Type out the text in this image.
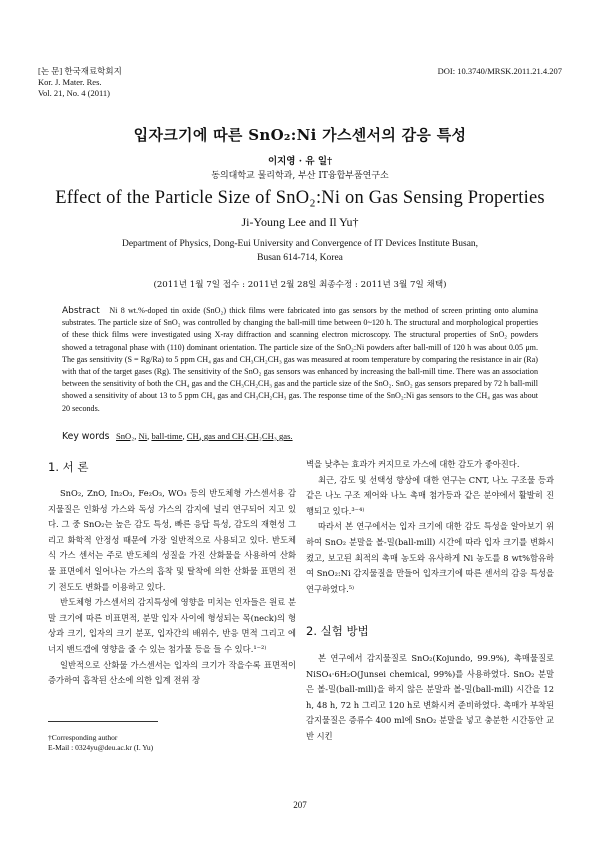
[논 문] 한국재료학회지
Kor. J. Mater. Res.
Vol. 21, No. 4 (2011)
DOI: 10.3740/MRSK.2011.21.4.207
입자크기에 따른 SnO₂:Ni 가스센서의 감응 특성
이지영 · 유 일†
동의대학교 물리학과, 부산 IT융합부품연구소
Effect of the Particle Size of SnO₂:Ni on Gas Sensing Properties
Ji-Young Lee and Il Yu†
Department of Physics, Dong-Eui University and Convergence of IT Devices Institute Busan,
Busan 614-714, Korea
(2011년 1월 7일 접수 : 2011년 2월 28일 최종수정 : 2011년 3월 7일 채택)
Abstract Ni 8 wt.%-doped tin oxide (SnO₂) thick films were fabricated into gas sensors by the method of screen printing onto alumina substrates. The particle size of SnO₂ was controlled by changing the ball-mill time between 0~120 h. The structural and morphological properties of these thick films were investigated using X-ray diffraction and scanning electron microscopy. The structural properties of SnO₂ powders showed a tetragonal phase with (110) dominant orientation. The particle size of the SnO₂:Ni powders after ball-mill of 120 h was about 0.05 μm. The gas sensitivity (S = Rg/Ra) to 5 ppm CH₄ gas and CH₃CH₂CH₃ gas was measured at room temperature by comparing the resistance in air (Ra) with that of the target gases (Rg). The sensitivity of the SnO₂ gas sensors was enhanced by increasing the ball-mill time. There was an association between the sensitivity of both the CH₄ gas and the CH₃CH₂CH₃ gas and the particle size of the SnO₂. SnO₂ gas sensors prepared by 72 h ball-mill showed a sensitivity of about 13 to 5 ppm CH₄ gas and CH₃CH₂CH₃ gas. The response time of the SnO₂:Ni gas sensors to the CH₄ gas was about 20 seconds.
Key words SnO₂, Ni, ball-time, CH₄ gas and CH₃CH₂CH₃ gas.
1. 서 론

SnO₂, ZnO, In₂O₃, Fe₂O₃, WO₃ 등의 반도체형 가스센서용 감지물질은 인화성 가스와 독성 가스의 감지에 널리 연구되어 지고 있다. 그 중 SnO₂는 높은 감도 특성, 빠른 응답 특성, 감도의 재현성 그리고 화학적 안정성 때문에 가장 일반적으로 사용되고 있다. 반도체식 가스 센서는 주로 반도체의 성질을 가진 산화물을 사용하여 산화물 표면에서 일어나는 가스의 흡착 및 탈착에 의한 산화물 표면의 전기 전도도 변화를 이용하고 있다.

반도체형 가스센서의 감지특성에 영향을 미치는 인자들은 원료 분말 크기에 따른 비표면적, 분말 입자 사이에 형성되는 목(neck)의 형상과 크기, 입자의 크기 분포, 입자간의 배위수, 반응 면적 그리고 에너지 밴드갭에 영향을 줄 수 있는 첨가물 등을 들 수 있다.¹⁻²⁾

일반적으로 산화물 가스센서는 입자의 크기가 작을수록 표면적이 증가하여 흡착된 산소에 의한 입계 전위 장

†Corresponding author
E-Mail : 0324yu@deu.ac.kr (I. Yu)

벽을 낮추는 효과가 커지므로 가스에 대한 감도가 좋아진다.

최근, 감도 및 선택성 향상에 대한 연구는 CNT, 나노 구조물 등과 같은 나노 구조 제어와 나노 촉매 첨가등과 같은 분야에서 활발히 진행되고 있다.³⁻⁴⁾

따라서 본 연구에서는 입자 크기에 대한 감도 특성을 알아보기 위하여 SnO₂ 분말을 볼-밀(ball-mill) 시간에 따라 입자 크기를 변화시켰고, 보고된 최적의 촉매 농도와 유사하게 Ni 농도를 8 wt%함유하여 SnO₂:Ni 감지물질을 만들어 입자크기에 따른 센서의 감응 특성을 연구하였다.⁵⁾

2. 실험 방법

본 연구에서 감지물질로 SnO₂(Kojundo, 99.9%), 촉매물질로 NiSO₄·6H₂O(Junsei chemical, 99%)를 사용하였다. SnO₂ 분말은 볼-밀(ball-mill)을 하지 않은 분말과 볼-밀(ball-mill) 시간을 12 h, 48 h, 72 h 그리고 120 h로 변화시켜 준비하였다. 촉매가 부착된 감지물질은 증류수 400 ml에 SnO₂ 분말을 넣고 충분한 시간동안 교반 시킨

207
